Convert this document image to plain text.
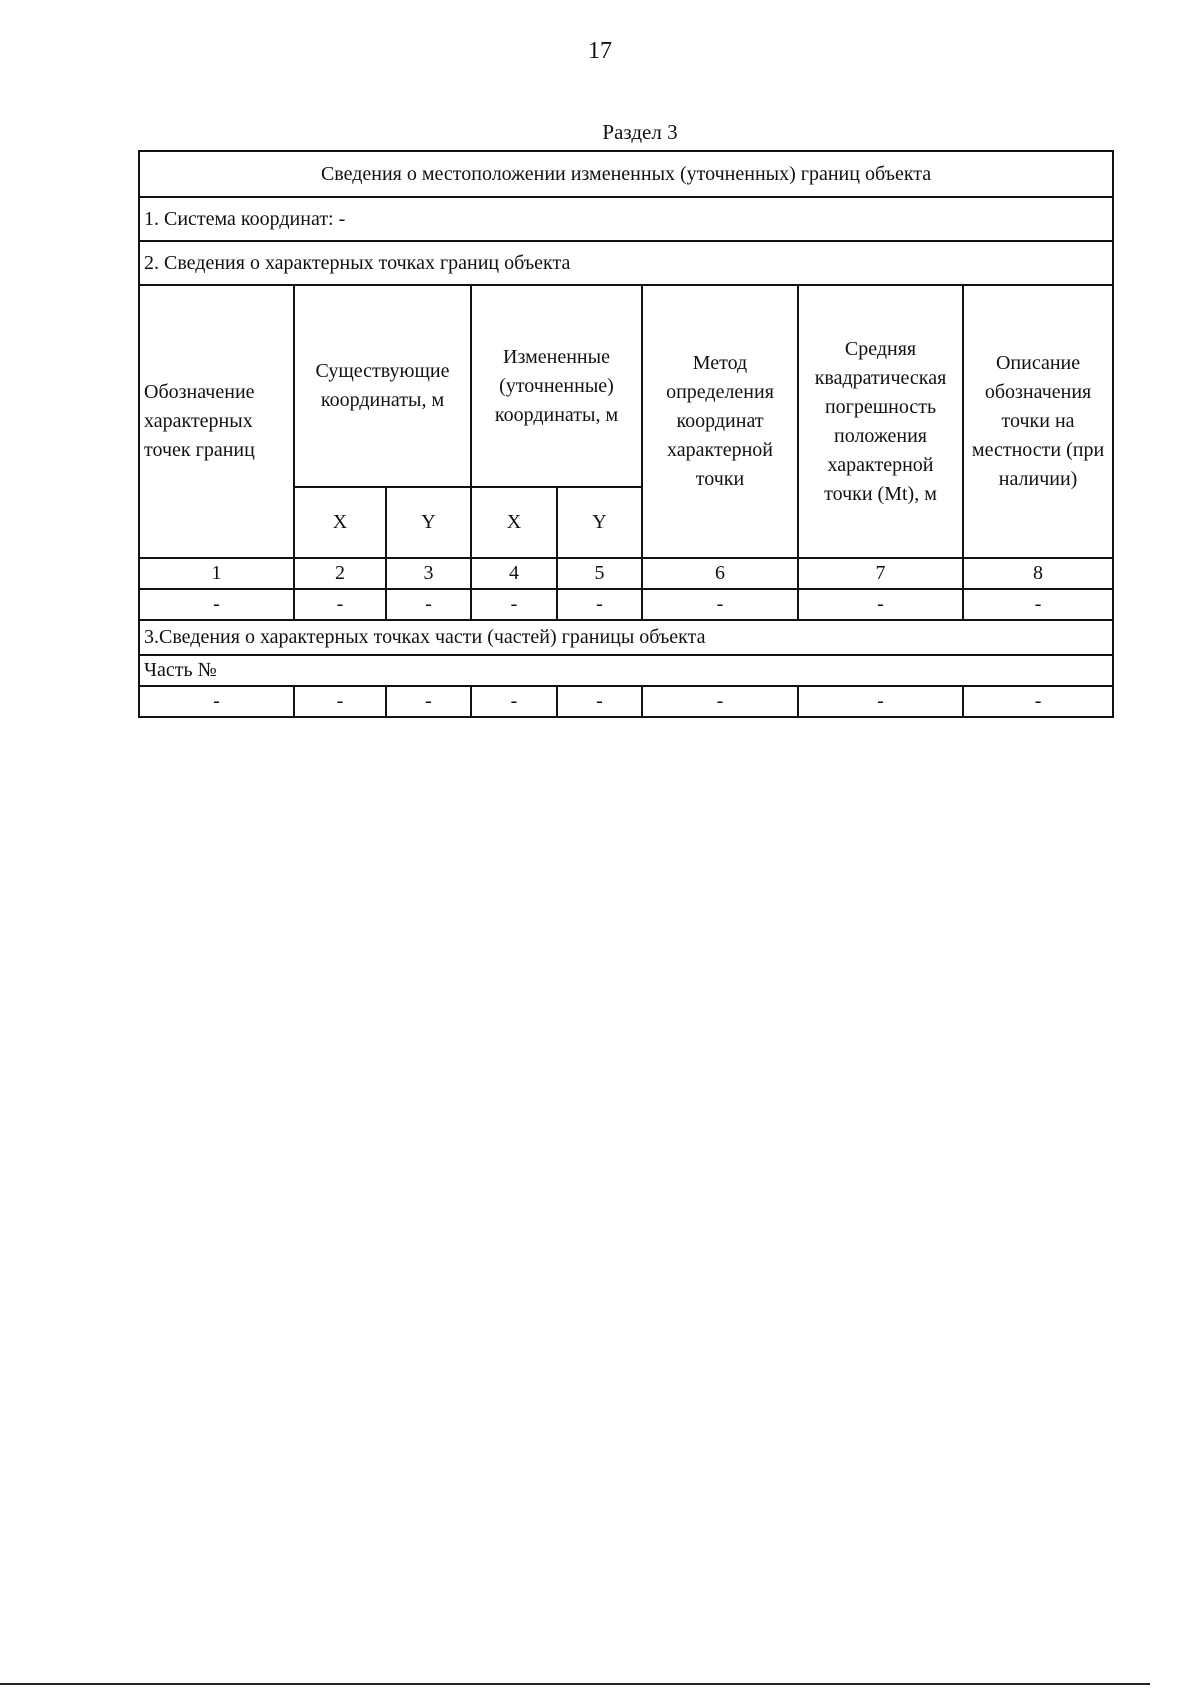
17
Раздел 3
Сведения о местоположении измененных (уточненных) границ объекта							
1. Система координат: -							
2. Сведения о характерных точках границ объекта							
Обозначение характерных точек границ	Существующие координаты, м		Измененные (уточненные) координаты, м		Метод определения координат характерной точки	Средняя квадратическая погрешность положения характерной точки (Mt), м	Описание обозначения точки на местности (при наличии)
	X	Y	X	Y			
1	2	3	4	5	6	7	8
-	-	-	-	-	-	-	-
3.Сведения о характерных точках части (частей) границы объекта							
Часть №							
-	-	-	-	-	-	-	-
